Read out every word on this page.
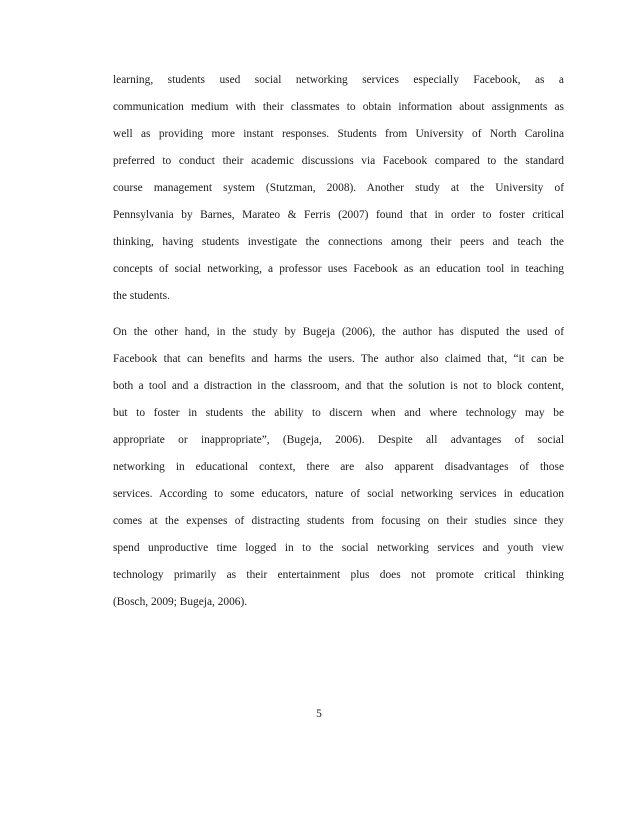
learning, students used social networking services especially Facebook, as a
communication medium with their classmates to obtain information about assignments as
well as providing more instant responses. Students from University of North Carolina
preferred to conduct their academic discussions via Facebook compared to the standard
course management system (Stutzman, 2008). Another study at the University of
Pennsylvania by Barnes, Marateo & Ferris (2007) found that in order to foster critical
thinking, having students investigate the connections among their peers and teach the
concepts of social networking, a professor uses Facebook as an education tool in teaching
the students.
On the other hand, in the study by Bugeja (2006), the author has disputed the used of
Facebook that can benefits and harms the users. The author also claimed that, “it can be
both a tool and a distraction in the classroom, and that the solution is not to block content,
but to foster in students the ability to discern when and where technology may be
appropriate or inappropriate”, (Bugeja, 2006). Despite all advantages of social
networking in educational context, there are also apparent disadvantages of those
services. According to some educators, nature of social networking services in education
comes at the expenses of distracting students from focusing on their studies since they
spend unproductive time logged in to the social networking services and youth view
technology primarily as their entertainment plus does not promote critical thinking
(Bosch, 2009; Bugeja, 2006).
5
